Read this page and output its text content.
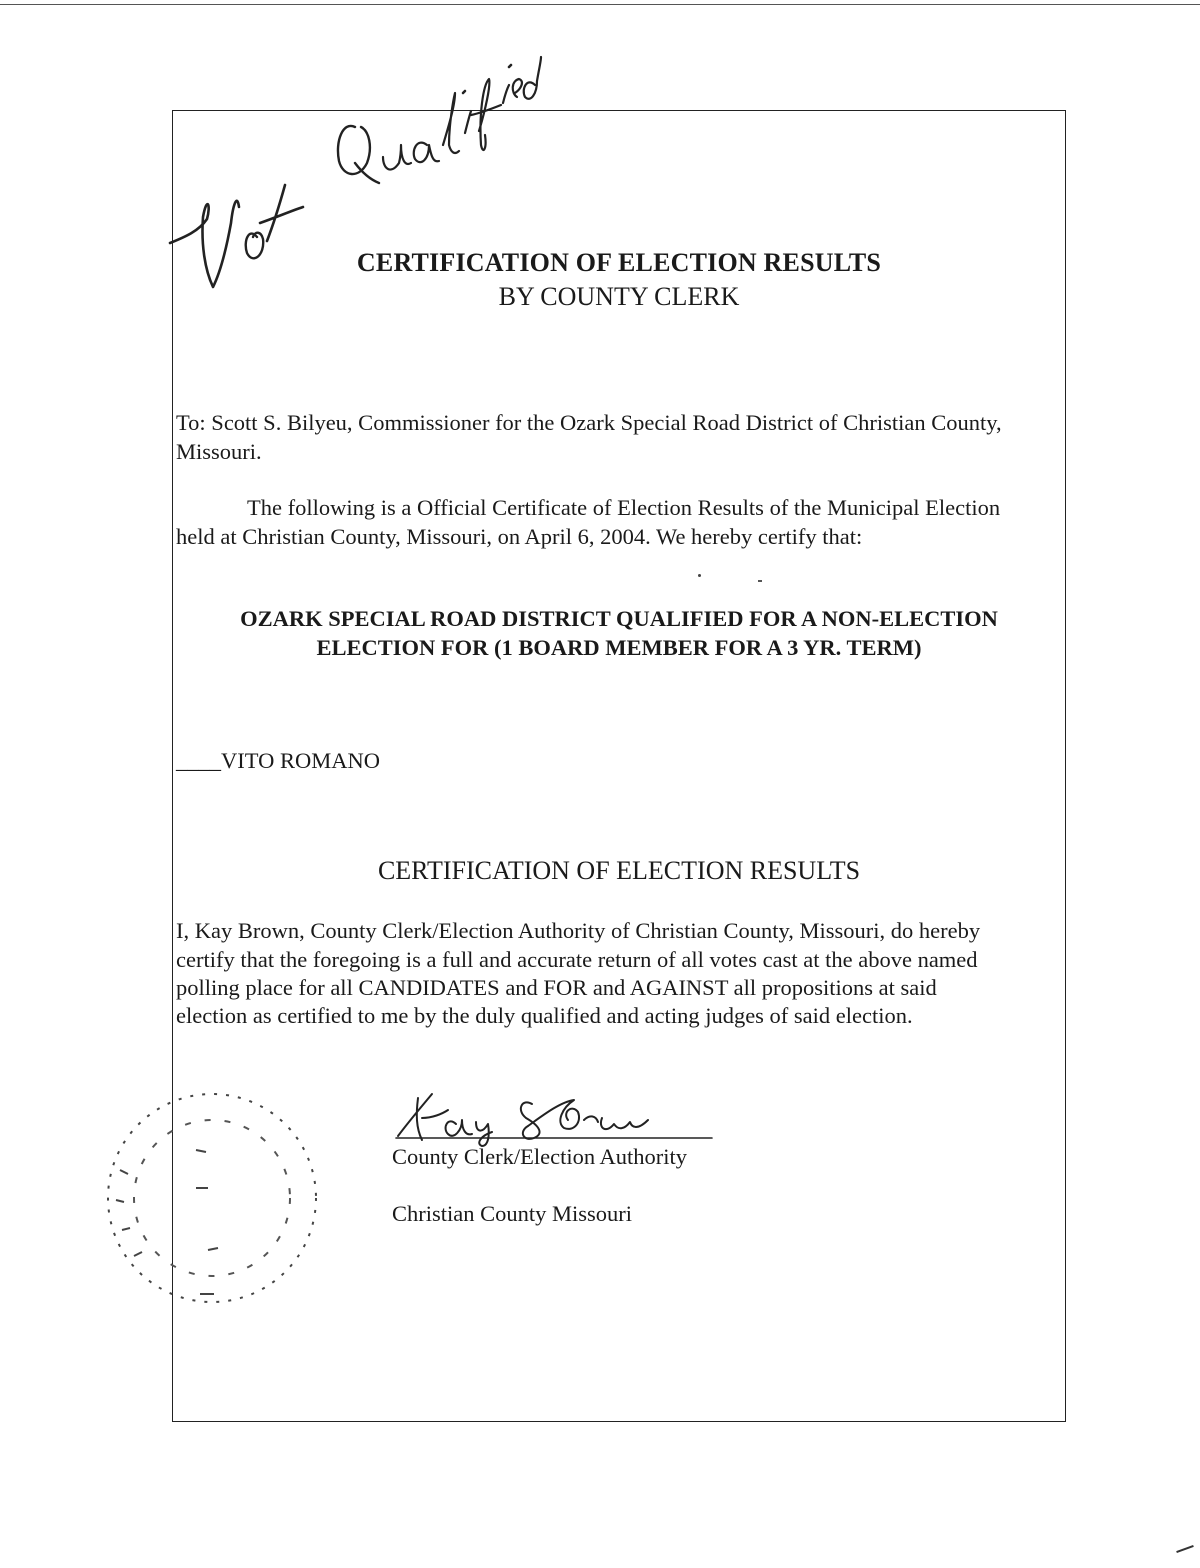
CERTIFICATION OF ELECTION RESULTS
BY COUNTY CLERK
To: Scott S. Bilyeu, Commissioner for the Ozark Special Road District of Christian County,
Missouri.
The following is a Official Certificate of Election Results of the Municipal Election
held at Christian County, Missouri, on April 6, 2004. We hereby certify that:
OZARK SPECIAL ROAD DISTRICT QUALIFIED FOR A NON-ELECTION
ELECTION FOR (1 BOARD MEMBER FOR A 3 YR. TERM)
____VITO ROMANO
CERTIFICATION OF ELECTION RESULTS
I, Kay Brown, County Clerk/Election Authority of Christian County, Missouri, do hereby
certify that the foregoing is a full and accurate return of all votes cast at the above named
polling place for all CANDIDATES and FOR and AGAINST all propositions at said
election as certified to me by the duly qualified and acting judges of said election.
County Clerk/Election Authority
Christian County Missouri
